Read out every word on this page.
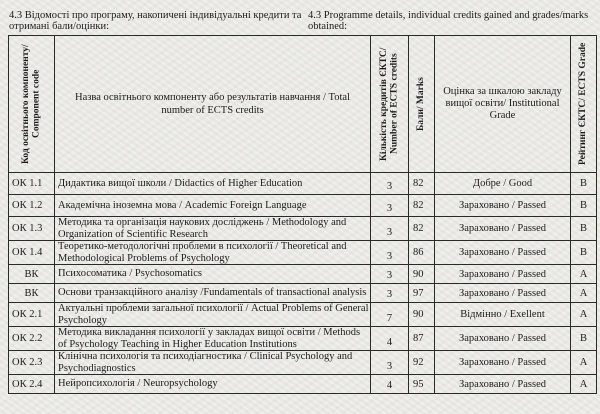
4.3 Відомості про програму, накопичені індивідуальні кредити та отримані бали/оцінки:
4.3 Programme details, individual credits gained and grades/marks obtained:
Код освітнього компоненту/ Component code	Назва освітнього компоненту або результатів навчання / Total number of ECTS credits	Кількість кредитів ЄКТС/ Number of ECTS credits	Бали/ Marks	Оцінка за шкалою закладу вищої освіти/ Institutional Grade	Рейтинг ЄКТС/ ECTS Grade

ОК 1.1	Дидактика вищої школи / Didactics of Higher Education	3	82	Добре / Good	B
ОК 1.2	Академічна іноземна мова / Academic Foreign Language	3	82	Зараховано / Passed	B
ОК 1.3	Методика та організація наукових досліджень / Methodology and Organization of Scientific Research	3	82	Зараховано / Passed	B
ОК 1.4	Теоретико-методологічні проблеми в психології / Theoretical and Methodological Problems of Psychology	3	86	Зараховано / Passed	B
ВК	Психосоматика / Psychosomatics	3	90	Зараховано / Passed	A
ВК	Основи транзакційного аналізу /Fundamentals of transactional analysis	3	97	Зараховано / Passed	A
ОК 2.1	Актуальні проблеми загальної психології / Actual Problems of General Psychology	7	90	Відмінно / Exellent	A
ОК 2.2	Методика викладання психології у закладах вищої освіти / Methods of Psychology Teaching in Higher Education Institutions	4	87	Зараховано / Passed	B
ОК 2.3	Клінічна психологія та психодіагностика / Clinical Psychology and Psychodiagnostics	3	92	Зараховано / Passed	A
ОК 2.4	Нейропсихологія / Neuropsychology	4	95	Зараховано / Passed	A
